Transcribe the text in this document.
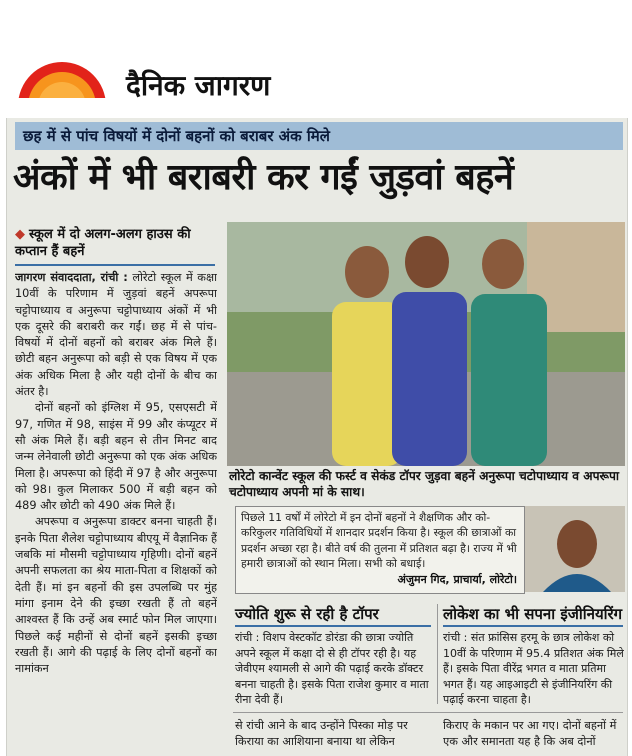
दैनिक जागरण
छह में से पांच विषयों में दोनों बहनों को बराबर अंक मिले
अंकों में भी बराबरी कर गईं जुड़वां बहनें
◆ स्कूल में दो अलग-अलग हाउस की कप्तान हैं बहनें
जागरण संवाददाता, रांची : लोरेटो स्कूल में कक्षा 10वीं के परिणाम में जुड़वां बहनें अपरूपा चट्टोपाध्याय व अनुरूपा चट्टोपाध्याय अंकों में भी एक दूसरे की बराबरी कर गईं। छह में से पांच-विषयों में दोनों बहनों को बराबर अंक मिले हैं। छोटी बहन अनुरूपा को बड़ी से एक विषय में एक अंक अधिक मिला है और यही दोनों के बीच का अंतर है।
दोनों बहनों को इंग्लिश में 95, एसएसटी में 97, गणित में 98, साइंस में 99 और कंप्यूटर में सौ अंक मिले हैं। बड़ी बहन से तीन मिनट बाद जन्म लेनेवाली छोटी अनुरूपा को एक अंक अधिक मिला है। अपरूपा को हिंदी में 97 है और अनुरूपा को 98। कुल मिलाकर 500 में बड़ी बहन को 489 और छोटी को 490 अंक मिले हैं।
अपरूपा व अनुरूपा डाक्टर बनना चाहती हैं। इनके पिता शैलेश चट्टोपाध्याय बीएयू में वैज्ञानिक हैं जबकि मां मौसमी चट्टोपाध्याय गृहिणी। दोनों बहनें अपनी सफलता का श्रेय माता-पिता व शिक्षकों को देती हैं। मां इन बहनों की इस उपलब्धि पर मुंह मांगा इनाम देने की इच्छा रखती हैं तो बहनें आश्वस्त हैं कि उन्हें अब स्मार्ट फोन मिल जाएगा। पिछले कई महीनों से दोनों बहनें इसकी इच्छा रखती हैं। आगे की पढ़ाई के लिए दोनों बहनों का नामांकन
लोरेटो कान्वेंट स्कूल की फर्स्ट व सेकंड टॉपर जुड़वा बहनें अनुरूपा चटोपाध्याय व अपरूपा चटोपाध्याय अपनी मां के साथ।
पिछले 11 वर्षों में लोरेटो में इन दोनों बहनों ने शैक्षणिक और को-करिकुलर गतिविधियों में शानदार प्रदर्शन किया है। स्कूल की छात्राओं का प्रदर्शन अच्छा रहा है। बीते वर्ष की तुलना में प्रतिशत बढ़ा है। राज्य में भी हमारी छात्राओं को स्थान मिला। सभी को बधाई।
अंजुमन गिद, प्राचार्या, लोरेटो।
ज्योति शुरू से रही है टॉपर
रांची : विशप वेस्टकॉट डोरंडा की छात्रा ज्योति अपने स्कूल में कक्षा दो से ही टॉपर रही है। यह जेवीएम श्यामली से आगे की पढ़ाई करके डॉक्टर बनना चाहती है। इसके पिता राजेश कुमार व माता रीना देवी हैं।
लोकेश का भी सपना इंजीनियरिंग
रांची : संत फ्रांसिस हरमू के छात्र लोकेश को 10वीं के परिणाम में 95.4 प्रतिशत अंक मिले हैं। इसके पिता वीरेंद्र भगत व माता प्रतिमा भगत हैं। यह आइआइटी से इंजीनियरिंग की पढ़ाई करना चाहता है।
से रांची आने के बाद उन्होंने पिस्का मोड़ पर किराया का आशियाना बनाया था लेकिन
किराए के मकान पर आ गए। दोनों बहनों में एक और समानता यह है कि अब दोनों
